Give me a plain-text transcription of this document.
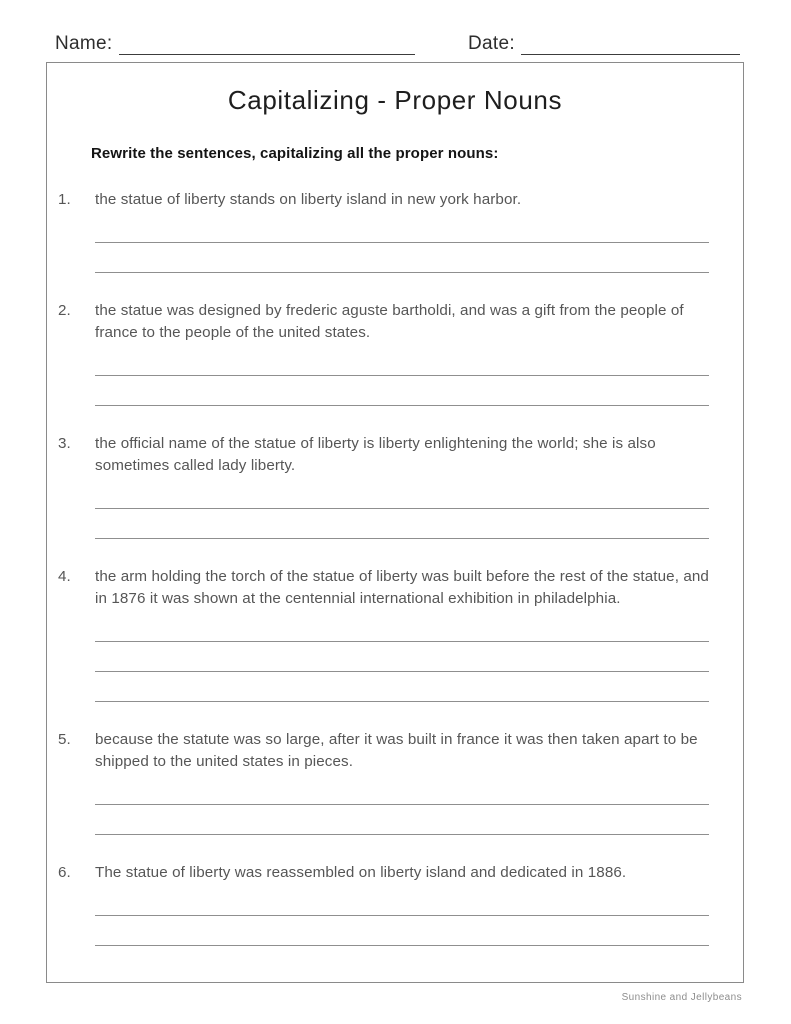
Name:	Date:
Capitalizing - Proper Nouns

Rewrite the sentences, capitalizing all the proper nouns:

1.	the statue of liberty stands on liberty island in new york harbor.

2.	the statue was designed by frederic aguste bartholdi, and was a gift from the people of france to the people of the united states.

3.	the official name of the statue of liberty is liberty enlightening the world; she is also sometimes called lady liberty.

4.	the arm holding the torch of the statue of liberty was built before the rest of the statue, and in 1876 it was shown at the centennial international exhibition in philadelphia.

5.	because the statute was so large, after it was built in france it was then taken apart to be shipped to the united states in pieces.

6.	The statue of liberty was reassembled on liberty island and dedicated in 1886.

Sunshine and Jellybeans
